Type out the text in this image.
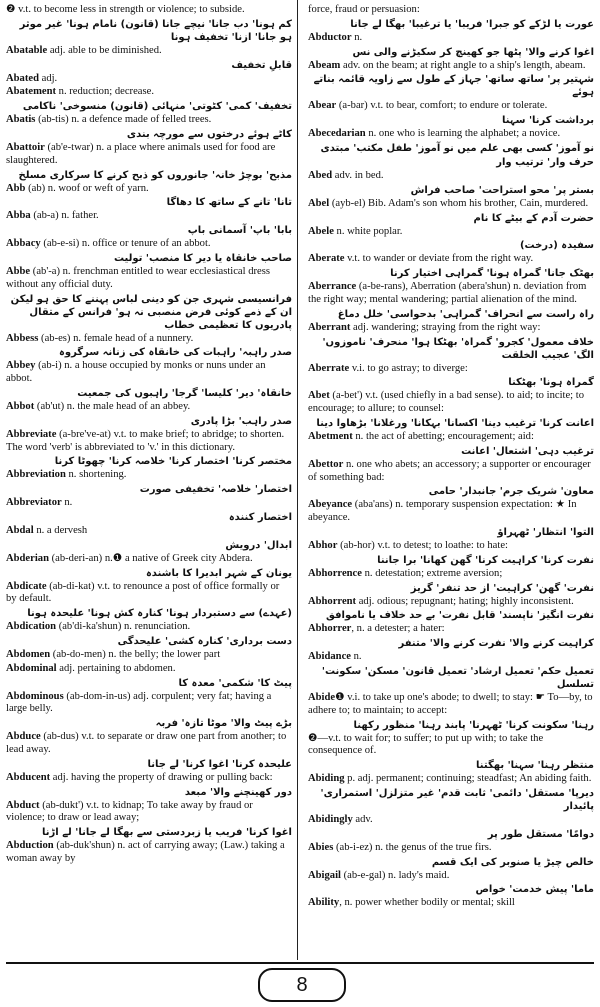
❷ v.t. to become less in strength or violence; to subside.
کم ہونا' دب جانا' نیچے جانا (قانون) نامام ہونا' غیر موثر ہو جانا' ازنا' تخفیف ہونا
Abatable adj. able to be diminished.
قابلِ تخفیف
Abated adj.
Abatement n. reduction; decrease.
تخفیف' کمی' کٹوتی' منہائی (قانون) منسوخی' ناکامی
Abatis (ab-tis) n. a defence made of felled trees.
کاٹے ہوئے درختوں سے مورچہ بندی
Abattoir (ab'e-twar) n. a place where animals used for food are slaughtered.
مذبح' بوچڑ خانہ' جانوروں کو ذبح کرنے کا سرکاری مسلخ
Abb (ab) n. woof or weft of yarn.
تانا' تانے کے ساتھ کا دھاگا
Abba (ab-a) n. father.
بابا' باپ' آسمانی باپ
Abbacy (ab-e-si) n. office or tenure of an abbot.
صاحب خانقاہ یا دیر کا منصب' تولیت
Abbe (ab'-a) n. frenchman entitled to wear ecclesiastical dress without any official duty.
فرانسیسی شہری جن کو دینی لباس پہننے کا حق ہو لیکن ان کے ذمے کوئی فرض منصبی نہ ہو' فرانس کے متقال پادریوں کا تعظیمی خطاب
Abbess (ab-es) n. female head of a nunnery.
صدر راہبہ' راہبات کی خانقاہ کی زنانہ سرگروہ
Abbey (ab-i) n. a house occupied by monks or nuns under an abbot.
خانقاہ' دیر' کلیسا' گرجا' راہبوں کی جمعیت
Abbot (ab'ut) n. the male head of an abbey.
صدر راہب' بڑا پادری
Abbreviate (a-bre've-at) v.t. to make brief; to abridge; to shorten. The word 'verb' is abbreviated to 'v.' in this dictionary.
مختصر کرنا' اختصار کرنا' خلاصہ کرنا' چھوٹا کرنا
Abbreviation n. shortening.
اختصار' خلاصہ' تخفیفی صورت
Abbreviator n.
اختصار کنندہ
Abdal n. a dervesh
ابدال' درویش
Abderian (ab-deri-an) n.❶ a native of Greek city Abdera.
یونان کے شہر ابدیرا کا باشندہ
Abdicate (ab-di-kat) v.t. to renounce a post of office formally or by default.
(عہدے) سے دستبردار ہونا' کنارہ کش ہونا' علیحدہ ہونا
Abdication (ab'di-ka'shun) n. renunciation.
دست برداری' کنارہ کشی' علیحدگی
Abdomen (ab-do-men) n. the belly; the lower part
Abdominal adj. pertaining to abdomen.
پیٹ کا' شکمی' معدہ کا
Abdominous (ab-dom-in-us) adj. corpulent; very fat; having a large belly.
بڑے پیٹ والا' موٹا تازہ' فربہ
Abduce (ab-dus) v.t. to separate or draw one part from another; to lead away.
علیحدہ کرنا' اغوا کرنا' لے جانا
Abducent adj. having the property of drawing or pulling back:
دور کھینچنے والا' مبعد
Abduct (ab-dukt') v.t. to kidnap; To take away by fraud or violence; to draw or lead away;
اغوا کرنا' فریب یا زبردستی سے بھگا لے جانا' لے اڑنا
Abduction (ab-duk'shun) n. act of carrying away; (Law.) taking a woman away by
force, fraud or persuasion:
عورت یا لڑکے کو جبرا' فریبا' یا ترغیبا' بھگا لے جانا
Abductor n.
اغوا کرنے والا' پٹھا جو کھینچ کر سکیڑنے والی نس
Abeam adv. on the beam; at right angle to a ship's length, abeam.
شہتیر پر' ساتھ ساتھ' جہاز کے طول سے زاویہ قائمہ بناتے ہوئے
Abear (a-bar) v.t. to bear, comfort; to endure or tolerate.
برداشت کرنا' سہنا
Abecedarian n. one who is learning the alphabet; a novice.
نو آموز' کسی بھی علم میں نو آموز' طفل مکتب' مبتدی
حرف وار' ترتیب وار
Abed adv. in bed.
بستر پر' محو استراحت' صاحب فراش
Abel (ayb-el) Bib. Adam's son whom his brother, Cain, murdered.
حضرت آدم کے بیٹے کا نام
Abele n. white poplar.
سفیدہ (درخت)
Aberate v.t. to wander or deviate from the right way.
بھٹک جانا' گمراہ ہونا' گمراہی اختیار کرنا
Aberrance (a-be-rans), Aberration (abera'shun) n. deviation from the right way; mental wandering; partial alienation of the mind.
راہ راست سے انحراف' گمراہی' بدحواسی' خلل دماغ
Aberrant adj. wandering; straying from the right way:
خلاف معمول' کجرو' گمراہ' بھٹکا ہوا' منحرف' ناموزوں' الگ' عجیب الخلقت
Aberrate v.i. to go astray; to diverge:
گمراہ ہونا' بھٹکنا
Abet (a-bet') v.t. (used chiefly in a bad sense). to aid; to incite; to encourage; to allure; to counsel:
اعانت کرنا' ترغیب دینا' اکسانا' بہکانا' ورغلانا' بڑھاوا دینا
Abetment n. the act of abetting; encouragement; aid:
ترغیب دہی' اشتعال' اعانت
Abettor n. one who abets; an accessory; a supporter or encourager of something bad:
معاون' شریک جرم' جانبدار' حامی
Abeyance (aba'ans) n. temporary suspension expectation: ★ In abeyance.
التوا' انتظار' ٹھہراؤ
Abhor (ab-hor) v.t. to detest; to loathe: to hate:
نفرت کرنا' کراہیت کرنا' گھن کھانا' برا جاننا
Abhorrence n. detestation; extreme aversion;
نفرت' گھن' کراہیت' از حد تنفر' گریز
Abhorrent adj. odious; repugnant; hating; highly inconsistent.
نفرت انگیز' ناپسند' قابل نفرت' بے حد خلاف یا ناموافق
Abhorrer, n. a detester; a hater:
کراہیت کرنے والا' نفرت کرنے والا' متنفر
Abidance n.
تعمیل حکم' تعمیل ارشاد' تعمیل قانون' مسکن' سکونت' تسلسل
Abide❶ v.i. to take up one's abode; to dwell; to stay: ☛ To—by, to adhere to; to maintain; to accept:
رہنا' سکونت کرنا' ٹھہرنا' پابند رہنا' منظور رکھنا
❷—v.t. to wait for; to suffer; to put up with; to take the consequence of.
منتظر رہنا' سہنا' بھگتنا
Abiding p. adj. permanent; continuing; steadfast; An abiding faith.
دیرپا' مستقل' دائمی' ثابت قدم' غیر متزلزل' استمراری' پائیدار
Abidingly adv.
دوامًا' مستقل طور پر
Abies (ab-i-ez) n. the genus of the true firs.
خالص چیڑ یا صنوبر کی ایک قسم
Abigail (ab-e-gal) n. lady's maid.
ماما' پیش خدمت' خواص
Ability, n. power whether bodily or mental; skill
8
